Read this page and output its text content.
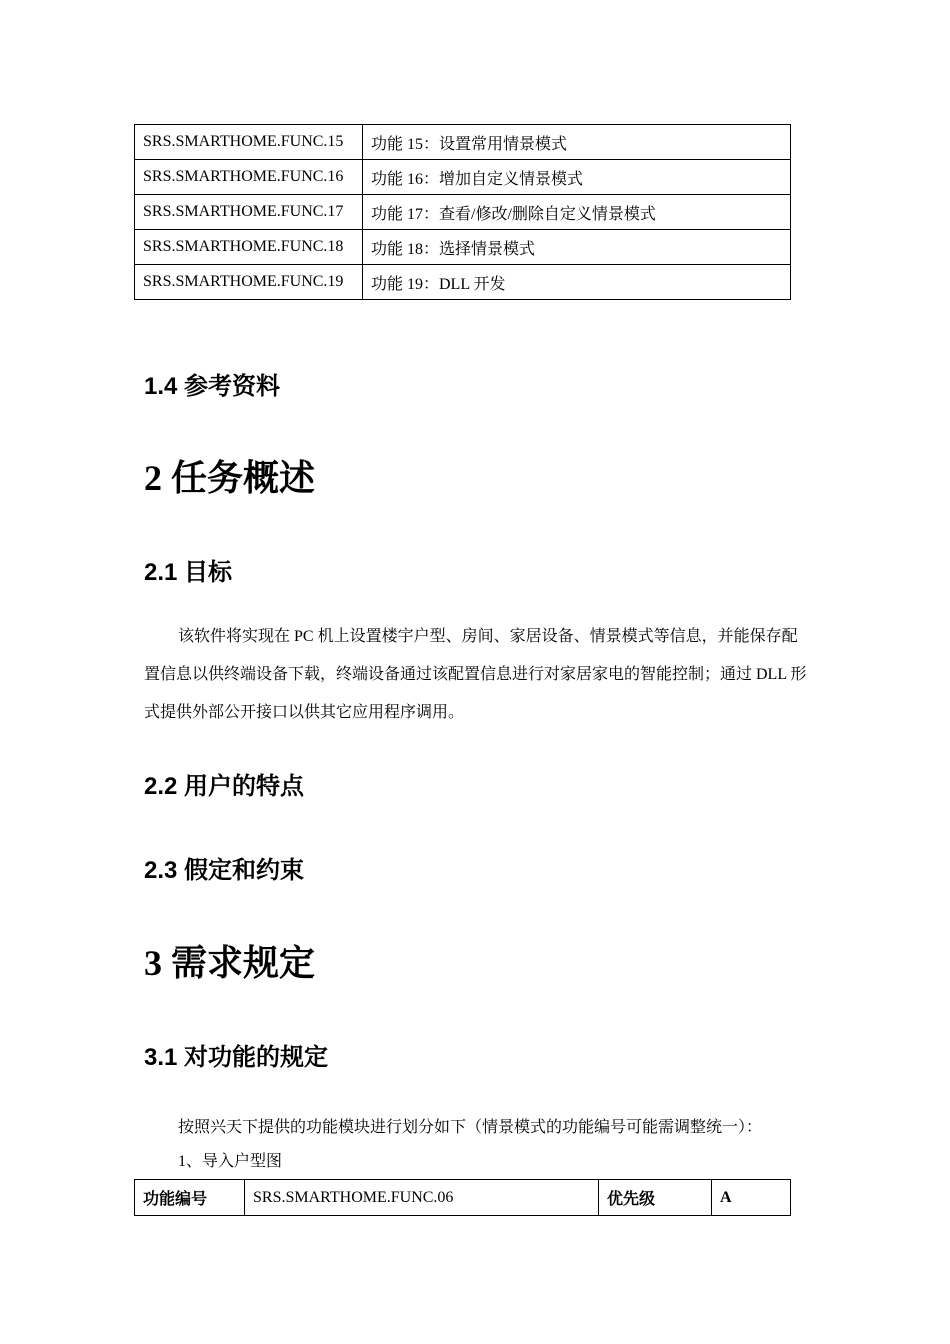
SRS.SMARTHOME.FUNC.15	功能 15：设置常用情景模式
SRS.SMARTHOME.FUNC.16	功能 16：增加自定义情景模式
SRS.SMARTHOME.FUNC.17	功能 17：查看/修改/删除自定义情景模式
SRS.SMARTHOME.FUNC.18	功能 18：选择情景模式
SRS.SMARTHOME.FUNC.19	功能 19：DLL 开发
1.4 参考资料
2 任务概述
2.1 目标
该软件将实现在 PC 机上设置楼宇户型、房间、家居设备、情景模式等信息，并能保存配置信息以供终端设备下载，终端设备通过该配置信息进行对家居家电的智能控制；通过 DLL 形式提供外部公开接口以供其它应用程序调用。
2.2 用户的特点
2.3 假定和约束
3 需求规定
3.1 对功能的规定
按照兴天下提供的功能模块进行划分如下（情景模式的功能编号可能需调整统一）：
1、导入户型图
功能编号	SRS.SMARTHOME.FUNC.06	优先级	A
